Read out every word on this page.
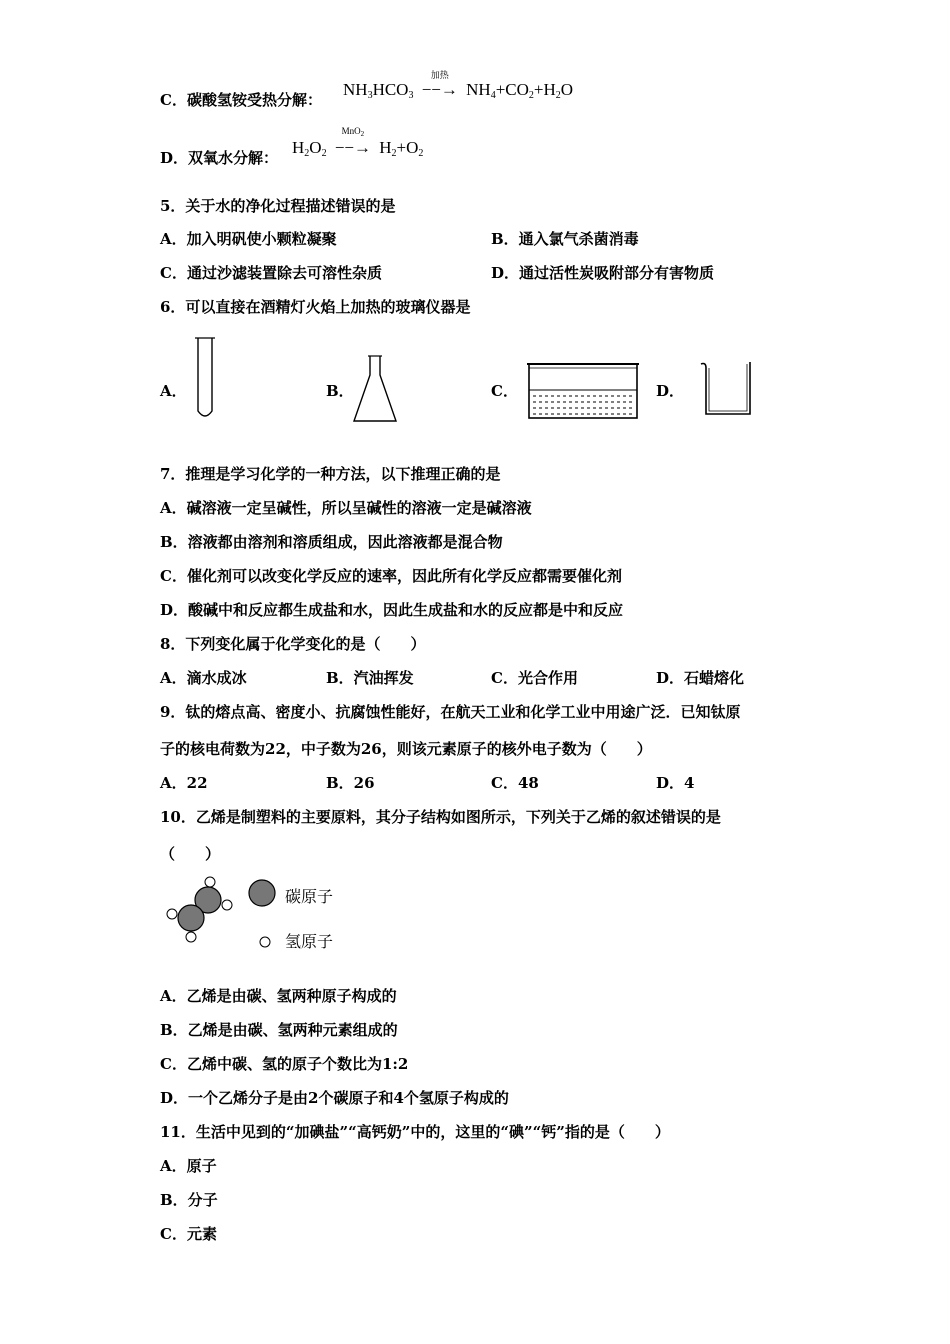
C．碳酸氢铵受热分解：
$NH_3HCO_3$
加热
−−→ $NH_4+CO_2+H_2O$
D．双氧水分解：
$H_2O_2$
MnO$_2$
−−→ $H_2+O_2$
5．关于水的净化过程描述错误的是
A．加入明矾使小颗粒凝聚	B．通入氯气杀菌消毒
C．通过沙滤装置除去可溶性杂质	D．通过活性炭吸附部分有害物质
6．可以直接在酒精灯火焰上加热的玻璃仪器是
A．	B．	C．	D．
7．推理是学习化学的一种方法，以下推理正确的是
A．碱溶液一定呈碱性，所以呈碱性的溶液一定是碱溶液
B．溶液都由溶剂和溶质组成，因此溶液都是混合物
C．催化剂可以改变化学反应的速率，因此所有化学反应都需要催化剂
D．酸碱中和反应都生成盐和水，因此生成盐和水的反应都是中和反应
8．下列变化属于化学变化的是（　　）
A．滴水成冰	B．汽油挥发	C．光合作用	D．石蜡熔化
9．钛的熔点高、密度小、抗腐蚀性能好，在航天工业和化学工业中用途广泛．已知钛原
子的核电荷数为22，中子数为26，则该元素原子的核外电子数为（　　）
A．22	B．26	C．48	D．4
10．乙烯是制塑料的主要原料，其分子结构如图所示，下列关于乙烯的叙述错误的是
（　　）
碳原子
氢原子
A．乙烯是由碳、氢两种原子构成的
B．乙烯是由碳、氢两种元素组成的
C．乙烯中碳、氢的原子个数比为1:2
D．一个乙烯分子是由2个碳原子和4个氢原子构成的
11．生活中见到的“加碘盐”“高钙奶”中的，这里的“碘”“钙”指的是（　　）
A．原子
B．分子
C．元素
